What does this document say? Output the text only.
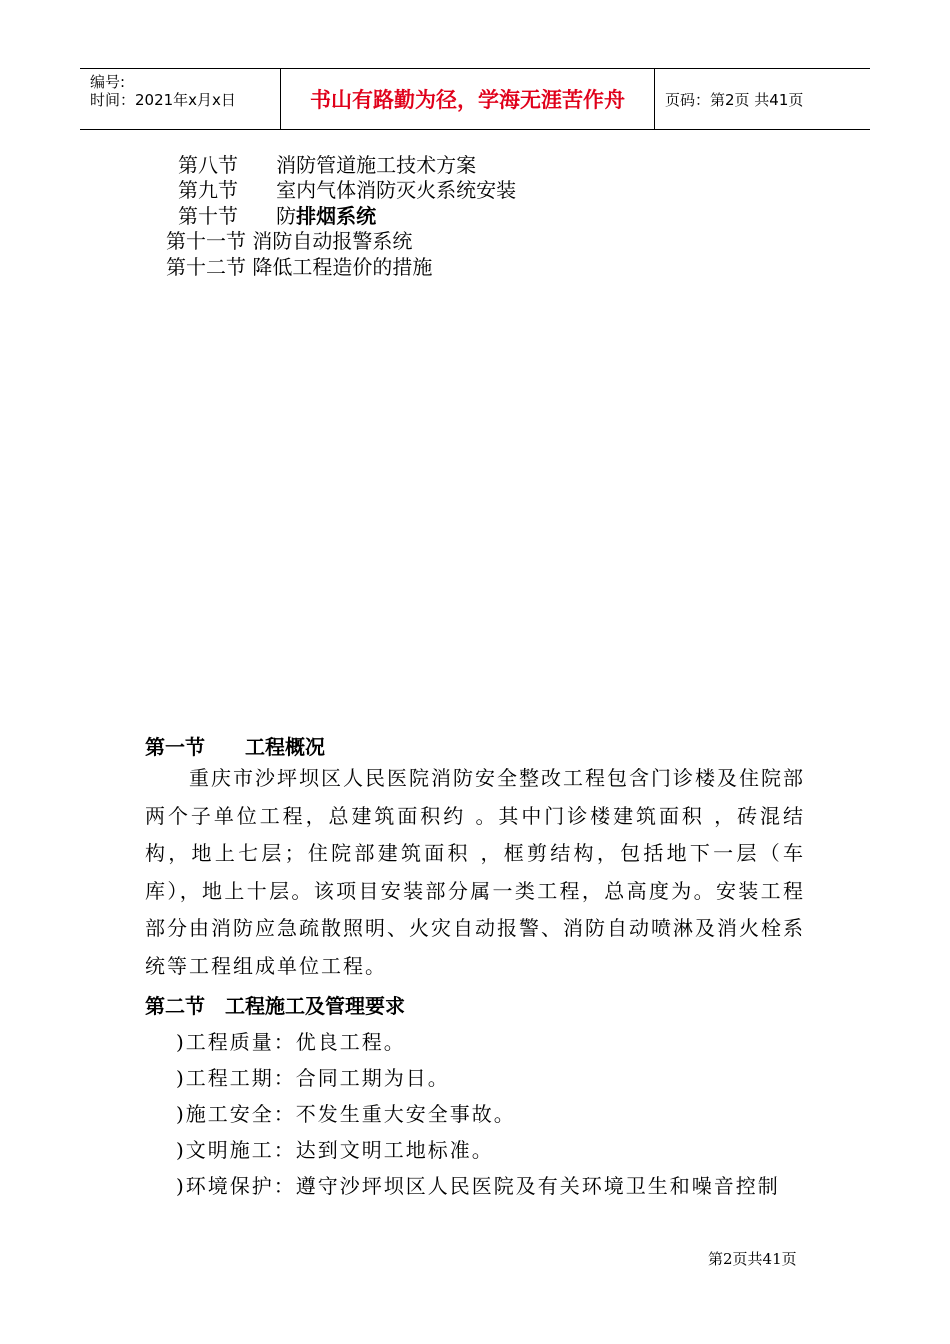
编号:
时间：2021年x月x日	书山有路勤为径，学海无涯苦作舟	页码：第2页 共41页
第八节 消防管道施工技术方案
第九节 室内气体消防灭火系统安装
第十节 防排烟系统
第十一节 消防自动报警系统
第十二节 降低工程造价的措施
第一节　　工程概况
重庆市沙坪坝区人民医院消防安全整改工程包含门诊楼及住院部两个子单位工程，总建筑面积约 。其中门诊楼建筑面积 ，砖混结构，地上七层；住院部建筑面积 ，框剪结构，包括地下一层（车库），地上十层。该项目安装部分属一类工程，总高度为。安装工程部分由消防应急疏散照明、火灾自动报警、消防自动喷淋及消火栓系统等工程组成单位工程。
第二节　工程施工及管理要求
)工程质量：优良工程。
)工程工期：合同工期为日。
)施工安全：不发生重大安全事故。
)文明施工：达到文明工地标准。
)环境保护：遵守沙坪坝区人民医院及有关环境卫生和噪音控制
第2页共41页
